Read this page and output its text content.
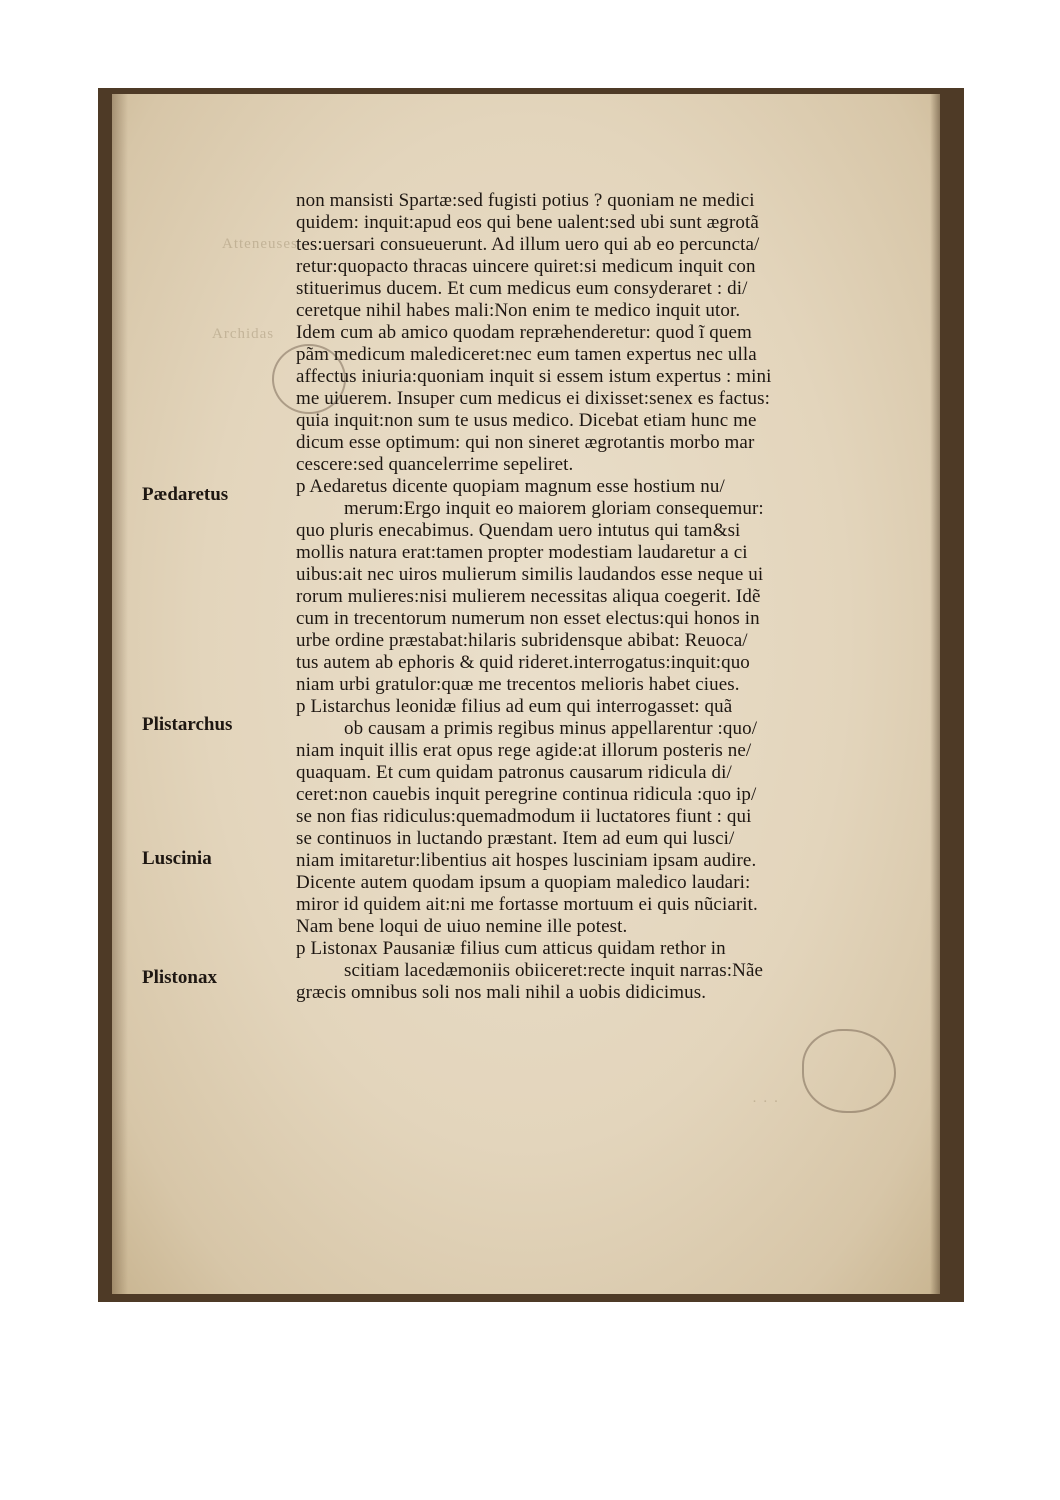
Atteneuses
Archidas
· · ·
Pædaretus
Plistarchus
Luscinia
Plistonax
non mansisti Spartæ:sed fugisti potius ? quoniam ne medici
quidem: inquit:apud eos qui bene ualent:sed ubi sunt ægrotã
tes:uersari consueuerunt. Ad illum uero qui ab eo percuncta/
retur:quopacto thracas uincere quiret:si medicum inquit con
stituerimus ducem. Et cum medicus eum consyderaret : di/
ceretque nihil habes mali:Non enim te medico inquit utor.
Idem cum ab amico quodam repræhenderetur: quod ĩ quem
pãm medicum malediceret:nec eum tamen expertus nec ulla
affectus iniuria:quoniam inquit si essem istum expertus : mini
me uiuerem. Insuper cum medicus ei dixisset:senex es factus:
quia inquit:non sum te usus medico. Dicebat etiam hunc me
dicum esse optimum: qui non sineret ægrotantis morbo mar
cescere:sed quancelerrime sepeliret.
p Aedaretus dicente quopiam magnum esse hostium nu/
merum:Ergo inquit eo maiorem gloriam consequemur:
quo pluris enecabimus. Quendam uero intutus qui tam&si
mollis natura erat:tamen propter modestiam laudaretur a ci
uibus:ait nec uiros mulierum similis laudandos esse neque ui
rorum mulieres:nisi mulierem necessitas aliqua coegerit. Idẽ
cum in trecentorum numerum non esset electus:qui honos in
urbe ordine præstabat:hilaris subridensque abibat: Reuoca/
tus autem ab ephoris & quid rideret.interrogatus:inquit:quo
niam urbi gratulor:quæ me trecentos melioris habet ciues.
p Listarchus leonidæ filius ad eum qui interrogasset: quã
ob causam a primis regibus minus appellarentur :quo/
niam inquit illis erat opus rege agide:at illorum posteris ne/
quaquam. Et cum quidam patronus causarum ridicula di/
ceret:non cauebis inquit peregrine continua ridicula :quo ip/
se non fias ridiculus:quemadmodum ii luctatores fiunt : qui
se continuos in luctando præstant. Item ad eum qui lusci/
niam imitaretur:libentius ait hospes lusciniam ipsam audire.
Dicente autem quodam ipsum a quopiam maledico laudari:
miror id quidem ait:ni me fortasse mortuum ei quis nũciarit.
Nam bene loqui de uiuo nemine ille potest.
p Listonax Pausaniæ filius cum atticus quidam rethor in
scitiam lacedæmoniis obiiceret:recte inquit narras:Nãe
græcis omnibus soli nos mali nihil a uobis didicimus.
